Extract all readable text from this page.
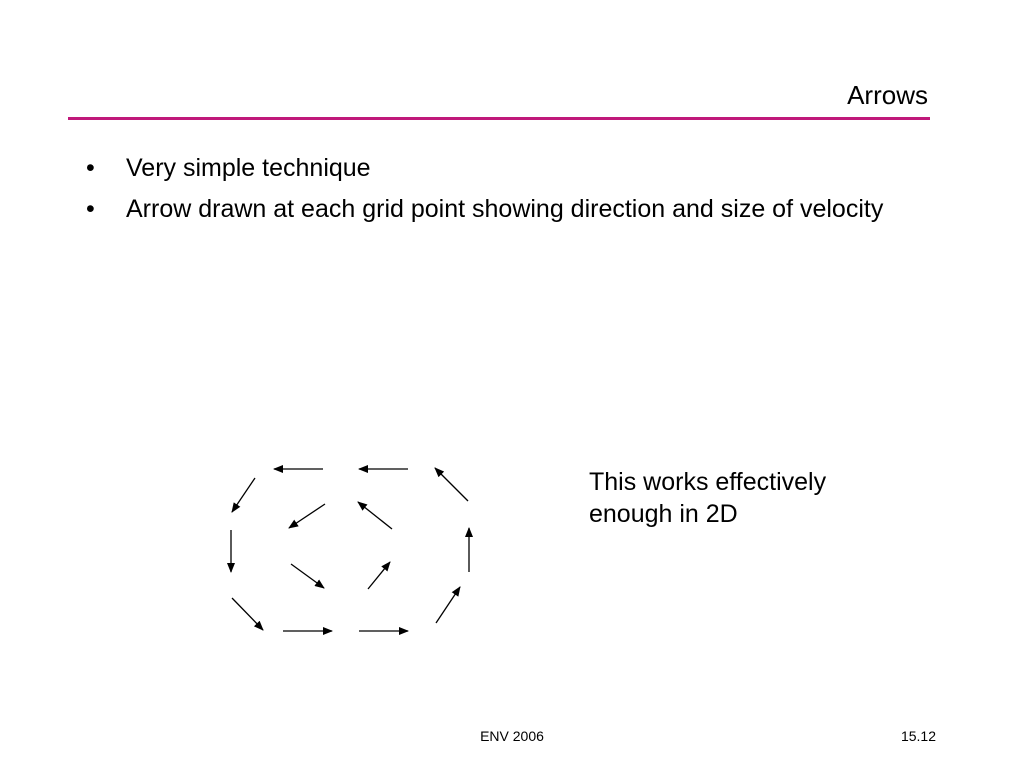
Arrows
•	Very simple technique
•	Arrow drawn at each grid point showing direction and size of velocity

This works effectively enough in 2D

ENV 2006	15.12
